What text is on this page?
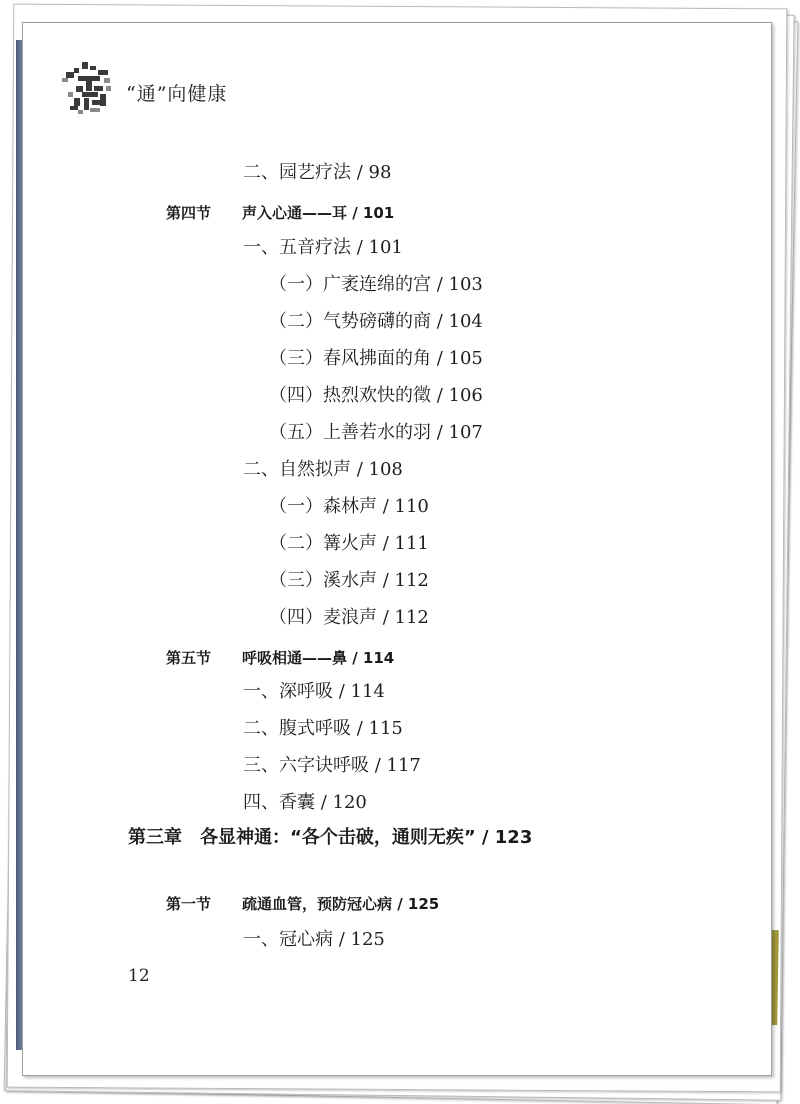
“通”向健康
二、园艺疗法 / 98
第四节 声入心通——耳 / 101
一、五音疗法 / 101
（一）广袤连绵的宫 / 103
（二）气势磅礴的商 / 104
（三）春风拂面的角 / 105
（四）热烈欢快的徵 / 106
（五）上善若水的羽 / 107
二、自然拟声 / 108
（一）森林声 / 110
（二）篝火声 / 111
（三）溪水声 / 112
（四）麦浪声 / 112
第五节 呼吸相通——鼻 / 114
一、深呼吸 / 114
二、腹式呼吸 / 115
三、六字诀呼吸 / 117
四、香囊 / 120
第三章 各显神通：“各个击破，通则无疾” / 123
第一节 疏通血管，预防冠心病 / 125
一、冠心病 / 125
12
